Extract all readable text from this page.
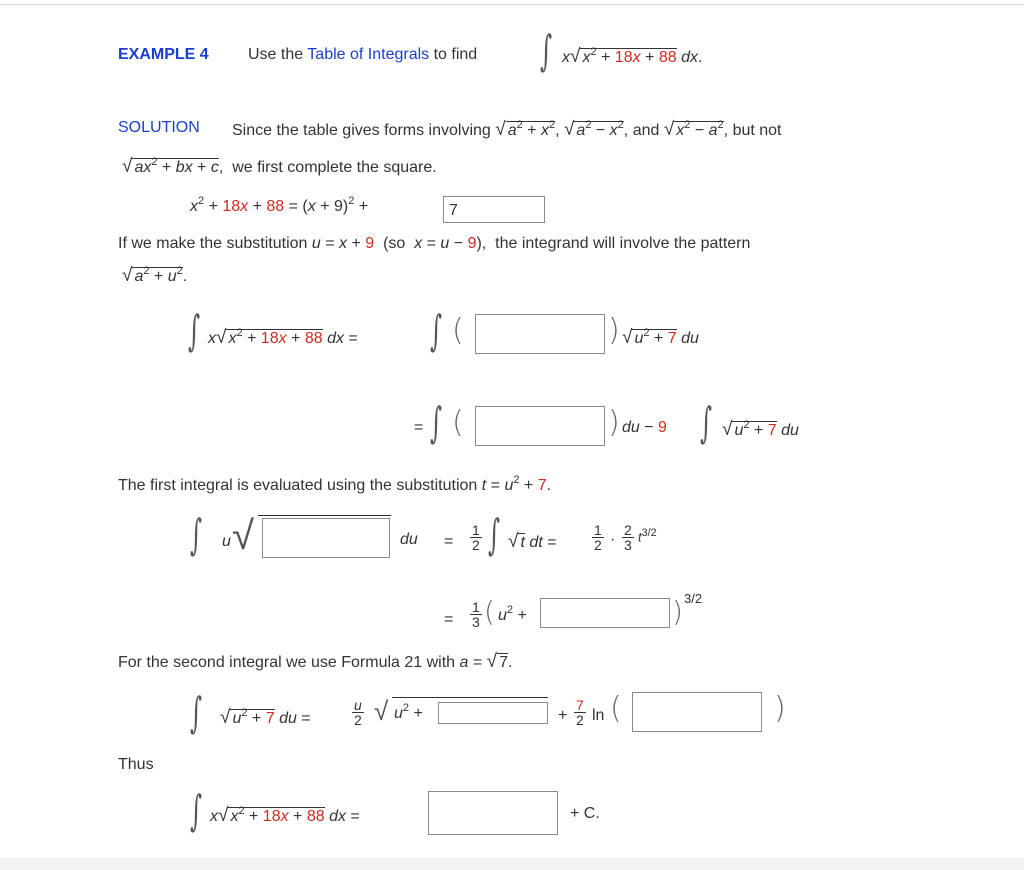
EXAMPLE 4 Use the Table of Integrals to find ∫ x√ $x^2 + 18x + 88$ dx.
SOLUTION Since the table gives forms involving √ $a^2 + x^2$, √ $a^2 - x^2$, and √ $x^2 - a^2$, but not
√ $ax^2$ + bx + c,  we first complete the square.
$x^2 + 18x + 88 = (x + 9)^2$ +	7
If we make the substitution u = x + 9  (so  x = u − 9),  the integrand will involve the pattern
√ $a^2 + u^2$.
∫ x√ $x^2 + 18x + 88$ dx = ∫ (	) √ $u^2 + 7$ du
= ∫ (	) du − 9 ∫ √ $u^2 + 7$ du
The first integral is evaluated using the substitution $t = u^2 + 7$.
∫ u √	du = $\frac{1}{2}$ ∫ √ t dt =	$\frac{1}{2} \cdot \frac{2}{3} t^{3/2}$
= $\frac{1}{3}$ ( $u^2$ +	) 3/2
For the second integral we use Formula 21 with a = √ 7.
∫ √ $u^2 + 7$ du =	$\frac{u}{2}$ √ $u^2$ +	+ $\frac{7}{2}$ ln (	)
Thus
∫ x√ $x^2 + 18x + 88$ dx =	+ C.
